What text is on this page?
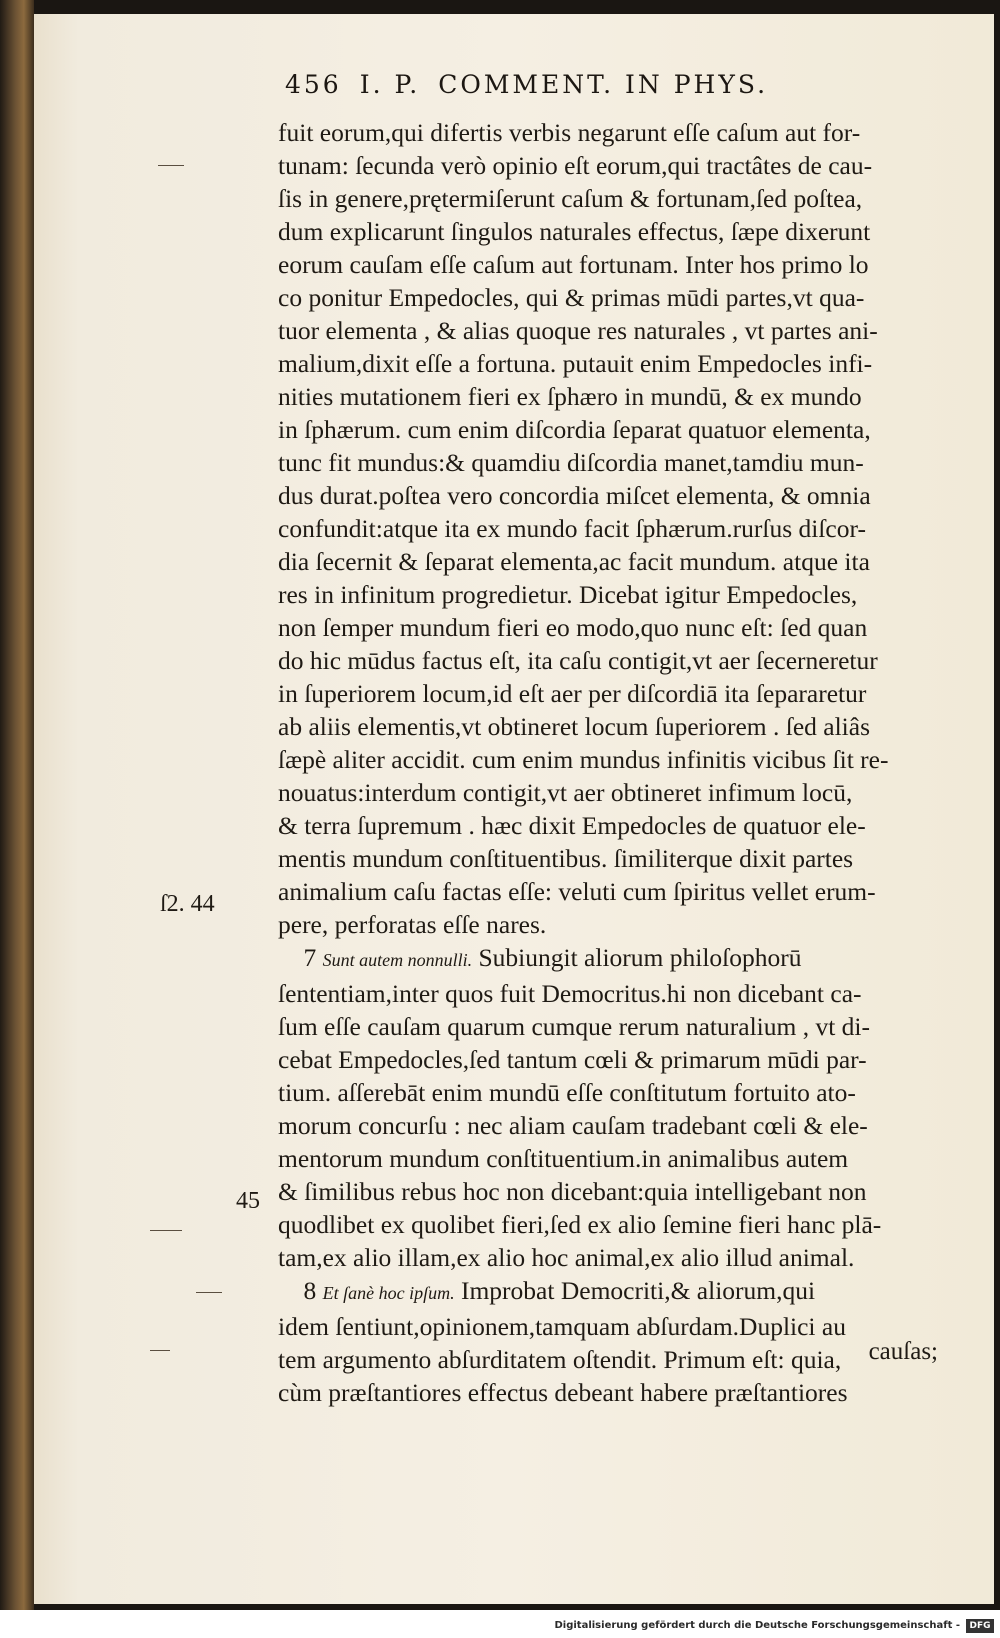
456 I. P. COMMENT. IN PHYS.
fuit eorum,qui difertis verbis negarunt eſſe caſum aut for-
tunam: ſecunda verò opinio eſt eorum,qui tractâtes de cau-
ſis in genere,prętermiſerunt caſum & fortunam,ſed poſtea,
dum explicarunt ſingulos naturales effectus, ſæpe dixerunt
eorum cauſam eſſe caſum aut fortunam. Inter hos primo lo
co ponitur Empedocles, qui & primas mūdi partes,vt qua-
tuor elementa , & alias quoque res naturales , vt partes ani-
malium,dixit eſſe a fortuna. putauit enim Empedocles infi-
nities mutationem fieri ex ſphæro in mundū, & ex mundo
in ſphærum. cum enim diſcordia ſeparat quatuor elementa,
tunc fit mundus:& quamdiu diſcordia manet,tamdiu mun-
dus durat.poſtea vero concordia miſcet elementa, & omnia
confundit:atque ita ex mundo facit ſphærum.rurſus diſcor-
dia ſecernit & ſeparat elementa,ac facit mundum. atque ita
res in infinitum progredietur. Dicebat igitur Empedocles,
non ſemper mundum fieri eo modo,quo nunc eſt: ſed quan
do hic mūdus factus eſt, ita caſu contigit,vt aer ſecerneretur
in ſuperiorem locum,id eſt aer per diſcordiā ita ſepararetur
ab aliis elementis,vt obtineret locum ſuperiorem . ſed aliâs
ſæpè aliter accidit. cum enim mundus infinitis vicibus ſit re-
nouatus:interdum contigit,vt aer obtineret infimum locū,
& terra ſupremum . hæc dixit Empedocles de quatuor ele-
mentis mundum conſtituentibus. ſimiliterque dixit partes
animalium caſu factas eſſe: veluti cum ſpiritus vellet erum-
pere, perforatas eſſe nares.
7 Sunt autem nonnulli. Subiungit aliorum philoſophorū
ſententiam,inter quos fuit Democritus.hi non dicebant ca-
ſum eſſe cauſam quarum cumque rerum naturalium , vt di-
cebat Empedocles,ſed tantum cœli & primarum mūdi par-
tium. aſſerebāt enim mundū eſſe conſtitutum fortuito ato-
morum concurſu : nec aliam cauſam tradebant cœli & ele-
mentorum mundum conſtituentium.in animalibus autem
& ſimilibus rebus hoc non dicebant:quia intelligebant non
quodlibet ex quolibet fieri,ſed ex alio ſemine fieri hanc plā-
tam,ex alio illam,ex alio hoc animal,ex alio illud animal.
8 Et ſanè hoc ipſum. Improbat Democriti,& aliorum,qui
idem ſentiunt,opinionem,tamquam abſurdam.Duplici au
tem argumento abſurditatem oſtendit. Primum eſt: quia,
cùm præſtantiores effectus debeant habere præſtantiores
ſ2. 44
45
cauſas;
Digitalisierung gefördert durch die Deutsche Forschungsgemeinschaft -	DFG
